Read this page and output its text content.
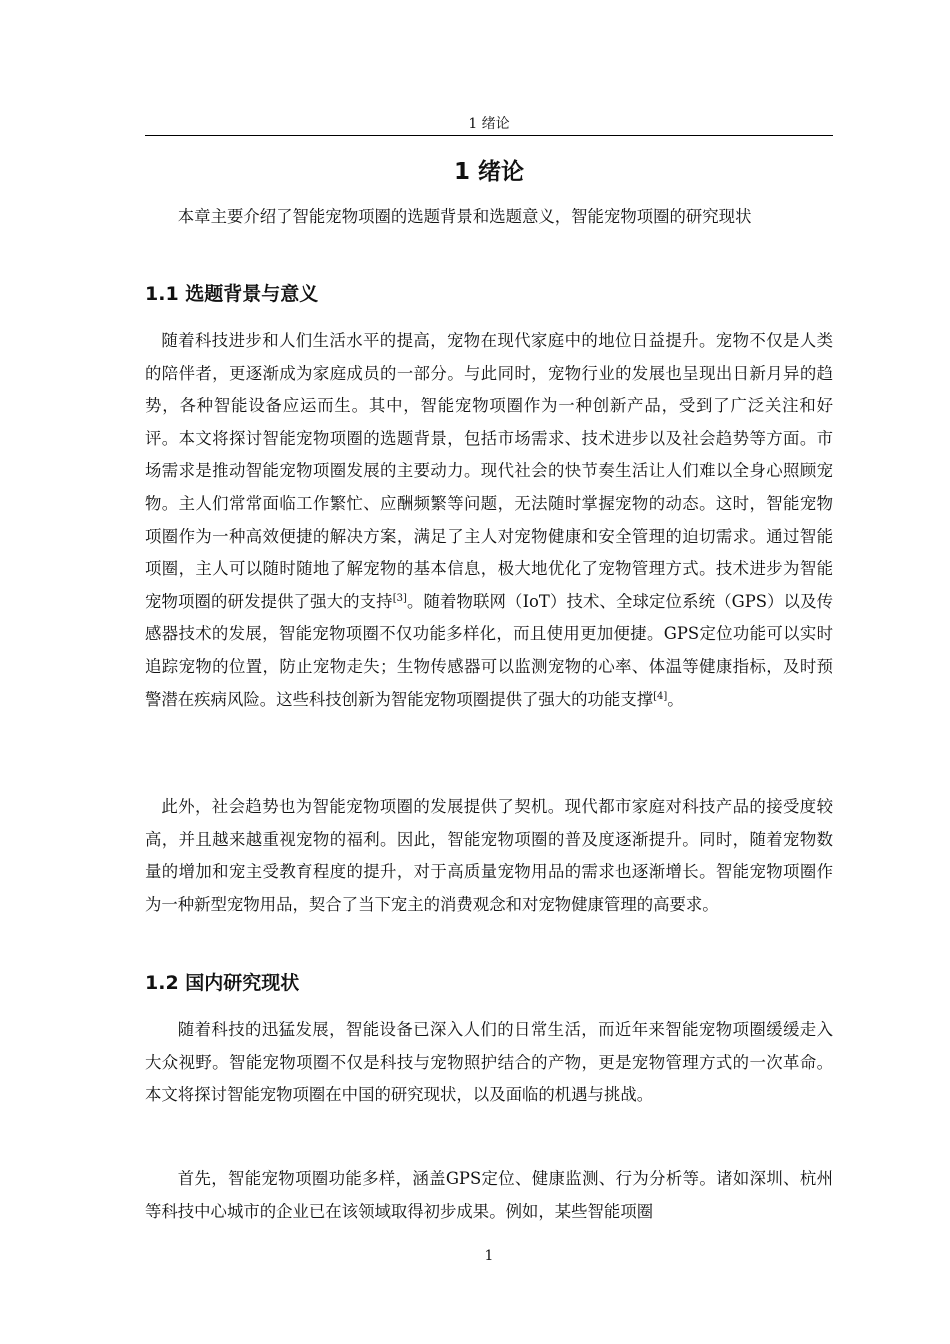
1 绪论
1 绪论

本章主要介绍了智能宠物项圈的选题背景和选题意义，智能宠物项圈的研究现状

1.1 选题背景与意义

随着科技进步和人们生活水平的提高，宠物在现代家庭中的地位日益提升。宠物不仅是人类的陪伴者，更逐渐成为家庭成员的一部分。与此同时，宠物行业的发展也呈现出日新月异的趋势，各种智能设备应运而生。其中，智能宠物项圈作为一种创新产品，受到了广泛关注和好评。本文将探讨智能宠物项圈的选题背景，包括市场需求、技术进步以及社会趋势等方面。市场需求是推动智能宠物项圈发展的主要动力。现代社会的快节奏生活让人们难以全身心照顾宠物。主人们常常面临工作繁忙、应酬频繁等问题，无法随时掌握宠物的动态。这时，智能宠物项圈作为一种高效便捷的解决方案，满足了主人对宠物健康和安全管理的迫切需求。通过智能项圈，主人可以随时随地了解宠物的基本信息，极大地优化了宠物管理方式。技术进步为智能宠物项圈的研发提供了强大的支持[3]。随着物联网（IoT）技术、全球定位系统（GPS）以及传感器技术的发展，智能宠物项圈不仅功能多样化，而且使用更加便捷。GPS定位功能可以实时追踪宠物的位置，防止宠物走失；生物传感器可以监测宠物的心率、体温等健康指标，及时预警潜在疾病风险。这些科技创新为智能宠物项圈提供了强大的功能支撑[4]。

此外，社会趋势也为智能宠物项圈的发展提供了契机。现代都市家庭对科技产品的接受度较高，并且越来越重视宠物的福利。因此，智能宠物项圈的普及度逐渐提升。同时，随着宠物数量的增加和宠主受教育程度的提升，对于高质量宠物用品的需求也逐渐增长。智能宠物项圈作为一种新型宠物用品，契合了当下宠主的消费观念和对宠物健康管理的高要求。

1.2 国内研究现状

随着科技的迅猛发展，智能设备已深入人们的日常生活，而近年来智能宠物项圈缓缓走入大众视野。智能宠物项圈不仅是科技与宠物照护结合的产物，更是宠物管理方式的一次革命。本文将探讨智能宠物项圈在中国的研究现状，以及面临的机遇与挑战。

首先，智能宠物项圈功能多样，涵盖GPS定位、健康监测、行为分析等。诸如深圳、杭州等科技中心城市的企业已在该领域取得初步成果。例如，某些智能项圈

1
